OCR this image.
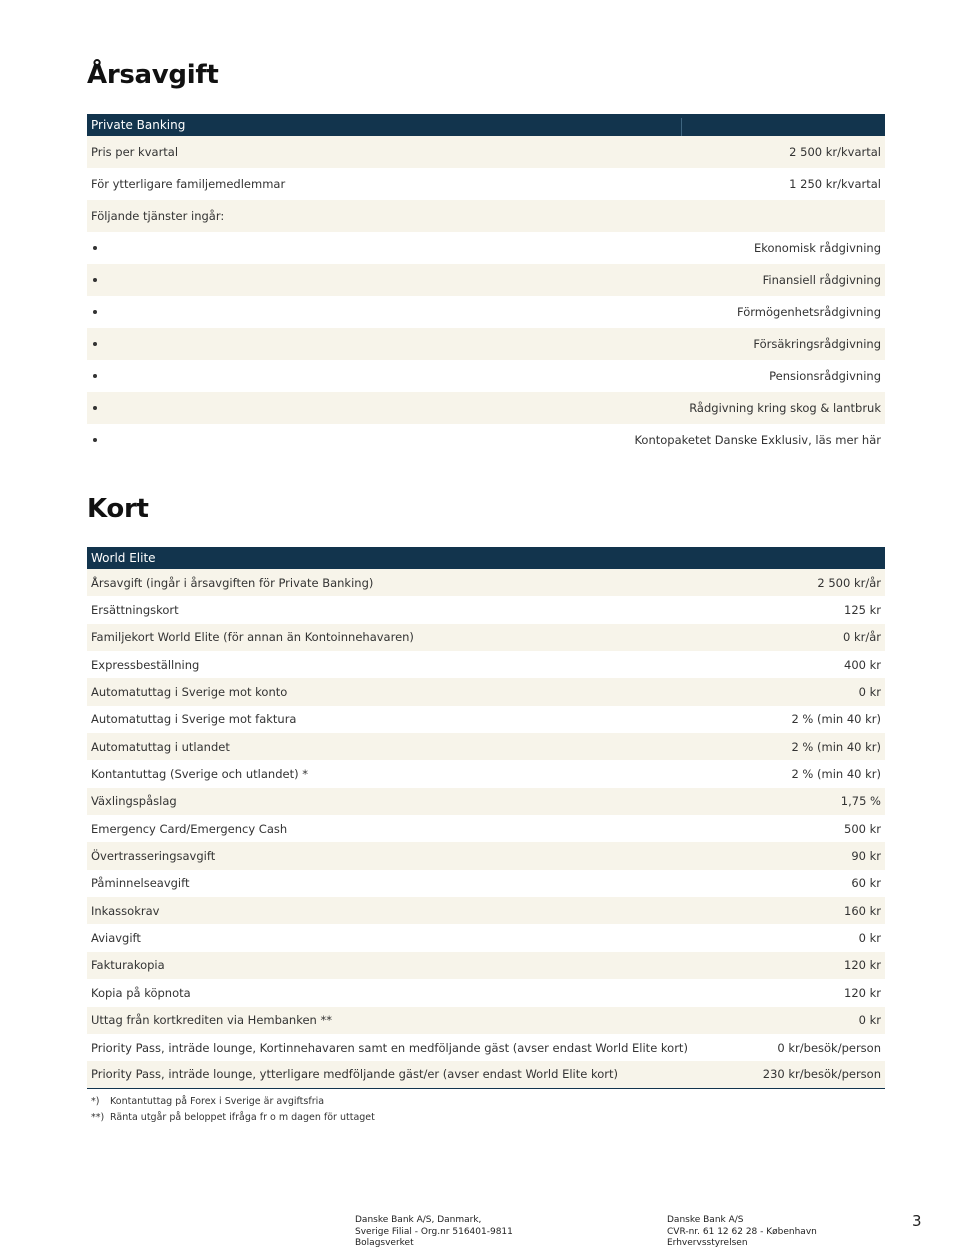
Årsavgift
Private Banking
Pris per kvartal	2 500 kr/kvartal
För ytterligare familjemedlemmar	1 250 kr/kvartal
Följande tjänster ingår:
Ekonomisk rådgivning
Finansiell rådgivning
Förmögenhetsrådgivning
Försäkringsrådgivning
Pensionsrådgivning
Rådgivning kring skog & lantbruk
Kontopaketet Danske Exklusiv, läs mer här
Kort
World Elite
Årsavgift (ingår i årsavgiften för Private Banking)	2 500 kr/år
Ersättningskort	125 kr
Familjekort World Elite (för annan än Kontoinnehavaren)	0 kr/år
Expressbeställning	400 kr
Automatuttag i Sverige mot konto	0 kr
Automatuttag i Sverige mot faktura	2 % (min 40 kr)
Automatuttag i utlandet	2 % (min 40 kr)
Kontantuttag (Sverige och utlandet) *	2 % (min 40 kr)
Växlingspåslag	1,75 %
Emergency Card/Emergency Cash	500 kr
Övertrasseringsavgift	90 kr
Påminnelseavgift	60 kr
Inkassokrav	160 kr
Aviavgift	0 kr
Fakturakopia	120 kr
Kopia på köpnota	120 kr
Uttag från kortkrediten via Hembanken **	0 kr
Priority Pass, inträde lounge, Kortinnehavaren samt en medföljande gäst (avser endast World Elite kort)	0 kr/besök/person
Priority Pass, inträde lounge, ytterligare medföljande gäst/er (avser endast World Elite kort)	230 kr/besök/person
*)	Kontantuttag på Forex i Sverige är avgiftsfria
**) Ränta utgår på beloppet ifråga fr o m dagen för uttaget
Danske Bank A/S, Danmark,
Sverige Filial - Org.nr 516401-9811
Bolagsverket
Danske Bank A/S
CVR-nr. 61 12 62 28 - København
Erhvervsstyrelsen
3
